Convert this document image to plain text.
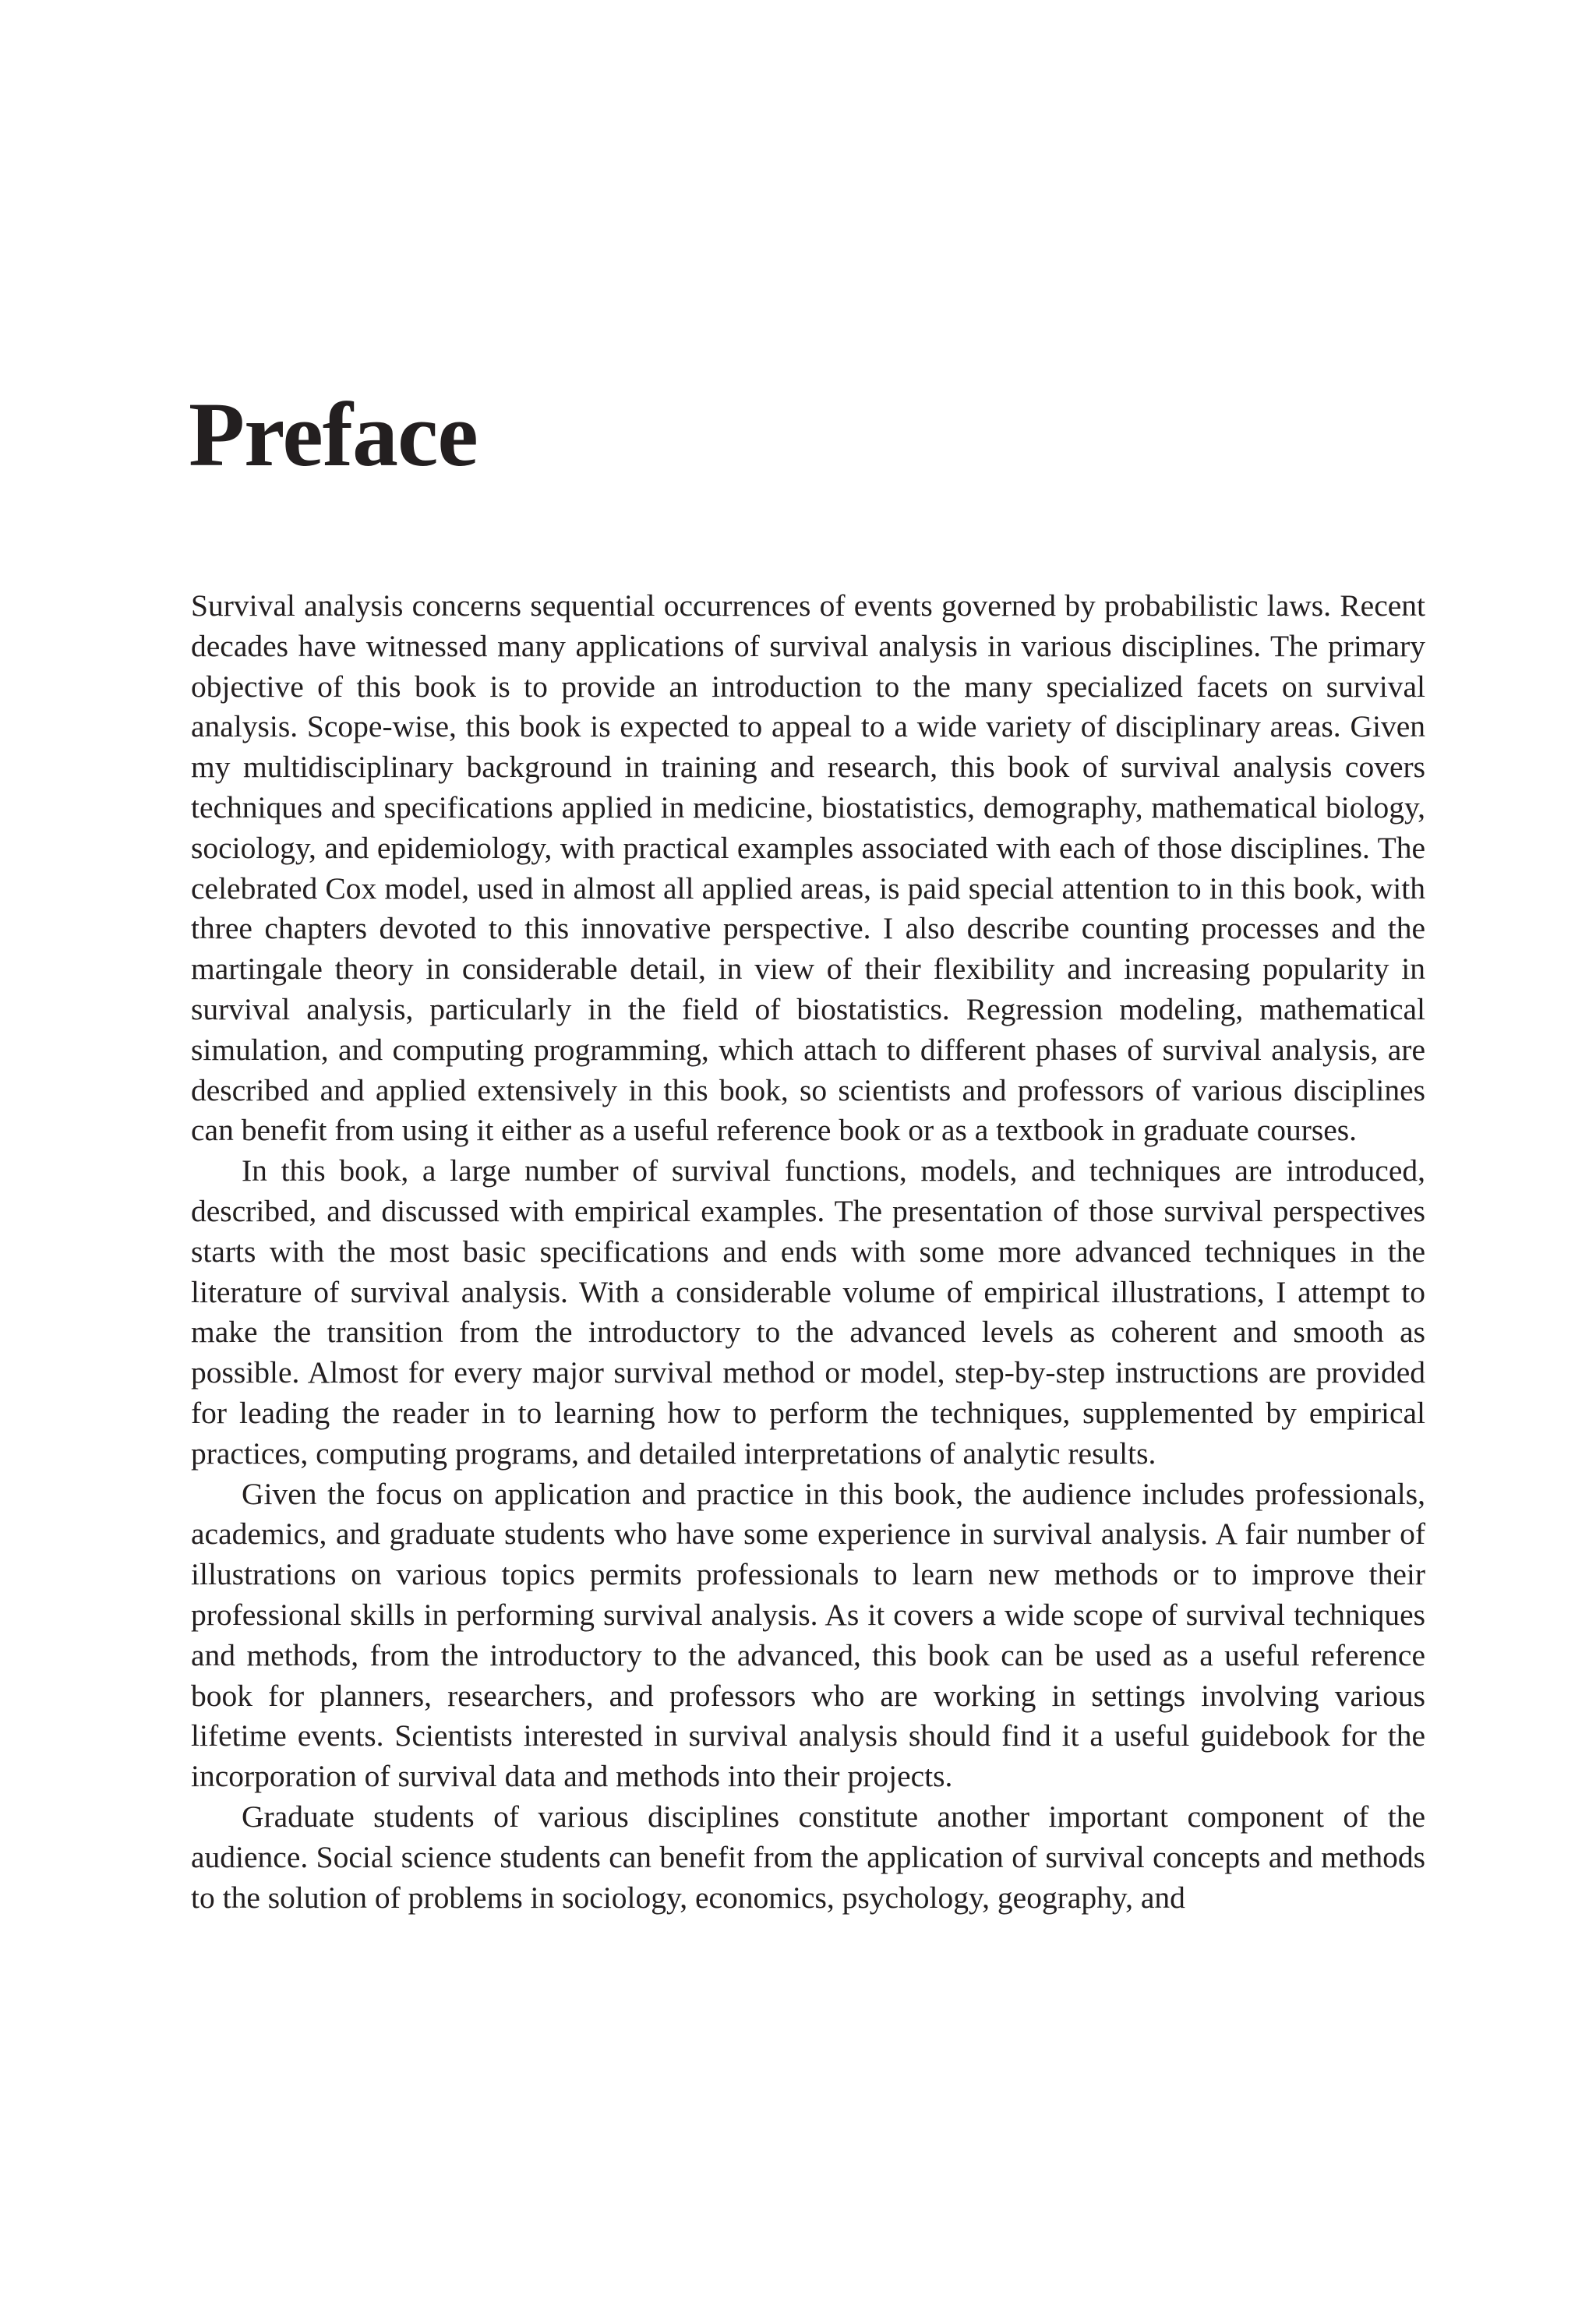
Preface

Survival analysis concerns sequential occurrences of events governed by probabilistic laws. Recent decades have witnessed many applications of survival analysis in various disciplines. The primary objective of this book is to provide an introduction to the many specialized facets on survival analysis. Scope-wise, this book is expected to appeal to a wide variety of disciplinary areas. Given my multidisciplinary background in training and research, this book of survival analysis covers techniques and specifications applied in medicine, biostatistics, demography, mathematical biology, sociology, and epidemiology, with practical examples associated with each of those disciplines. The celebrated Cox model, used in almost all applied areas, is paid special attention to in this book, with three chapters devoted to this innovative perspective. I also describe counting processes and the martingale theory in considerable detail, in view of their flexibility and increasing popularity in survival analysis, particularly in the field of biostatistics. Regression modeling, mathematical simulation, and computing programming, which attach to different phases of survival analysis, are described and applied extensively in this book, so scientists and professors of various disciplines can benefit from using it either as a useful reference book or as a textbook in graduate courses.

In this book, a large number of survival functions, models, and techniques are introduced, described, and discussed with empirical examples. The presentation of those survival perspectives starts with the most basic specifications and ends with some more advanced techniques in the literature of survival analysis. With a considerable volume of empirical illustrations, I attempt to make the transition from the introductory to the advanced levels as coherent and smooth as possible. Almost for every major survival method or model, step-by-step instructions are provided for leading the reader in to learning how to perform the techniques, supplemented by empirical practices, computing programs, and detailed interpretations of analytic results.

Given the focus on application and practice in this book, the audience includes professionals, academics, and graduate students who have some experience in survival analysis. A fair number of illustrations on various topics permits professionals to learn new methods or to improve their professional skills in performing survival analysis. As it covers a wide scope of survival techniques and methods, from the introductory to the advanced, this book can be used as a useful reference book for planners, researchers, and professors who are working in settings involving various lifetime events. Scientists interested in survival analysis should find it a useful guidebook for the incorporation of survival data and methods into their projects.

Graduate students of various disciplines constitute another important component of the audience. Social science students can benefit from the application of survival concepts and methods to the solution of problems in sociology, economics, psychology, geography, and
